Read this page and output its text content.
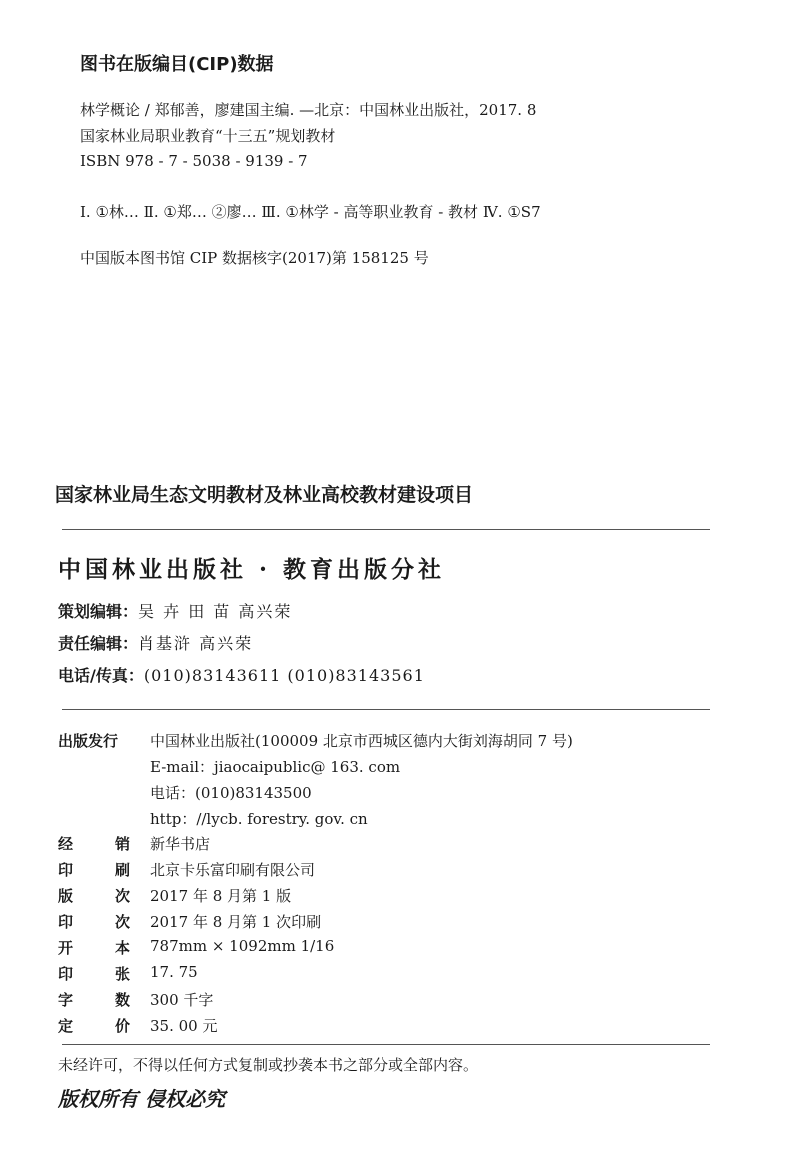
图书在版编目(CIP)数据
林学概论 / 郑郁善，廖建国主编. —北京：中国林业出版社，2017. 8
国家林业局职业教育“十三五”规划教材
ISBN 978 - 7 - 5038 - 9139 - 7
Ⅰ. ①林… Ⅱ. ①郑… ②廖… Ⅲ. ①林学 - 高等职业教育 - 教材 Ⅳ. ①S7
中国版本图书馆 CIP 数据核字(2017)第 158125 号
国家林业局生态文明教材及林业高校教材建设项目
中国林业出版社 · 教育出版分社
策划编辑：吴 卉 田 苗 高兴荣
责任编辑：肖基浒 高兴荣
电话/传真：(010)83143611 (010)83143561
出版发行 中国林业出版社(100009 北京市西城区德内大街刘海胡同 7 号)
E-mail：jiaocaipublic@ 163. com
电话：(010)83143500
http：//lycb. forestry. gov. cn
经	销 新华书店
印	刷 北京卡乐富印刷有限公司
版	次 2017 年 8 月第 1 版
印	次 2017 年 8 月第 1 次印刷
开	本 787mm × 1092mm 1/16
印	张 17. 75
字	数 300 千字
定	价 35. 00 元
未经许可，不得以任何方式复制或抄袭本书之部分或全部内容。
版权所有 侵权必究
